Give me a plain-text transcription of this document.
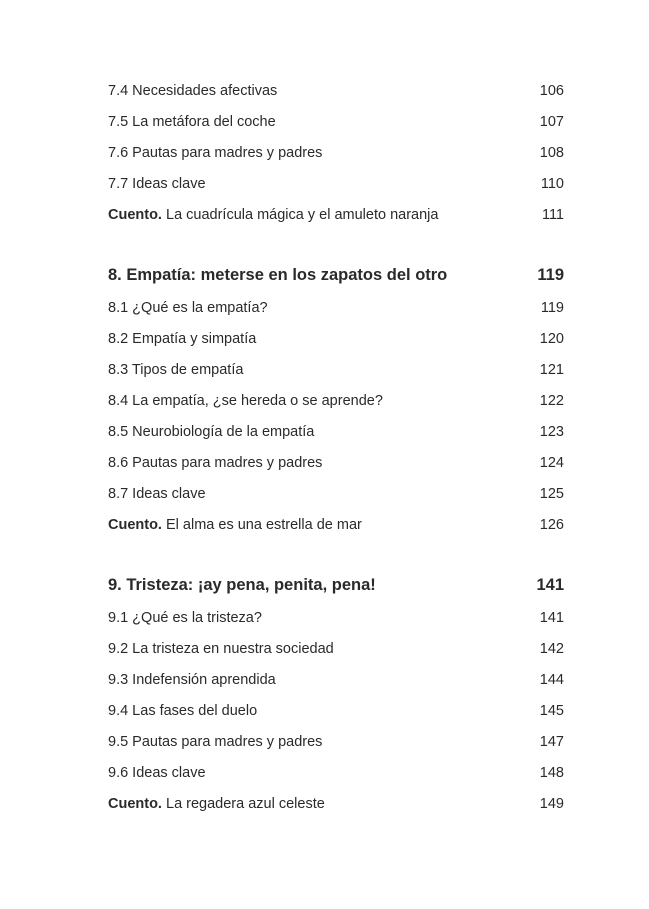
7.4 Necesidades afectivas	106
7.5 La metáfora del coche	107
7.6 Pautas para madres y padres	108
7.7 Ideas clave	110
Cuento. La cuadrícula mágica y el amuleto naranja	111
8. Empatía: meterse en los zapatos del otro	119
8.1 ¿Qué es la empatía?	119
8.2 Empatía y simpatía	120
8.3 Tipos de empatía	121
8.4 La empatía, ¿se hereda o se aprende?	122
8.5 Neurobiología de la empatía	123
8.6 Pautas para madres y padres	124
8.7 Ideas clave	125
Cuento. El alma es una estrella de mar	126
9. Tristeza: ¡ay pena, penita, pena!	141
9.1 ¿Qué es la tristeza?	141
9.2 La tristeza en nuestra sociedad	142
9.3 Indefensión aprendida	144
9.4 Las fases del duelo	145
9.5 Pautas para madres y padres	147
9.6 Ideas clave	148
Cuento. La regadera azul celeste	149
